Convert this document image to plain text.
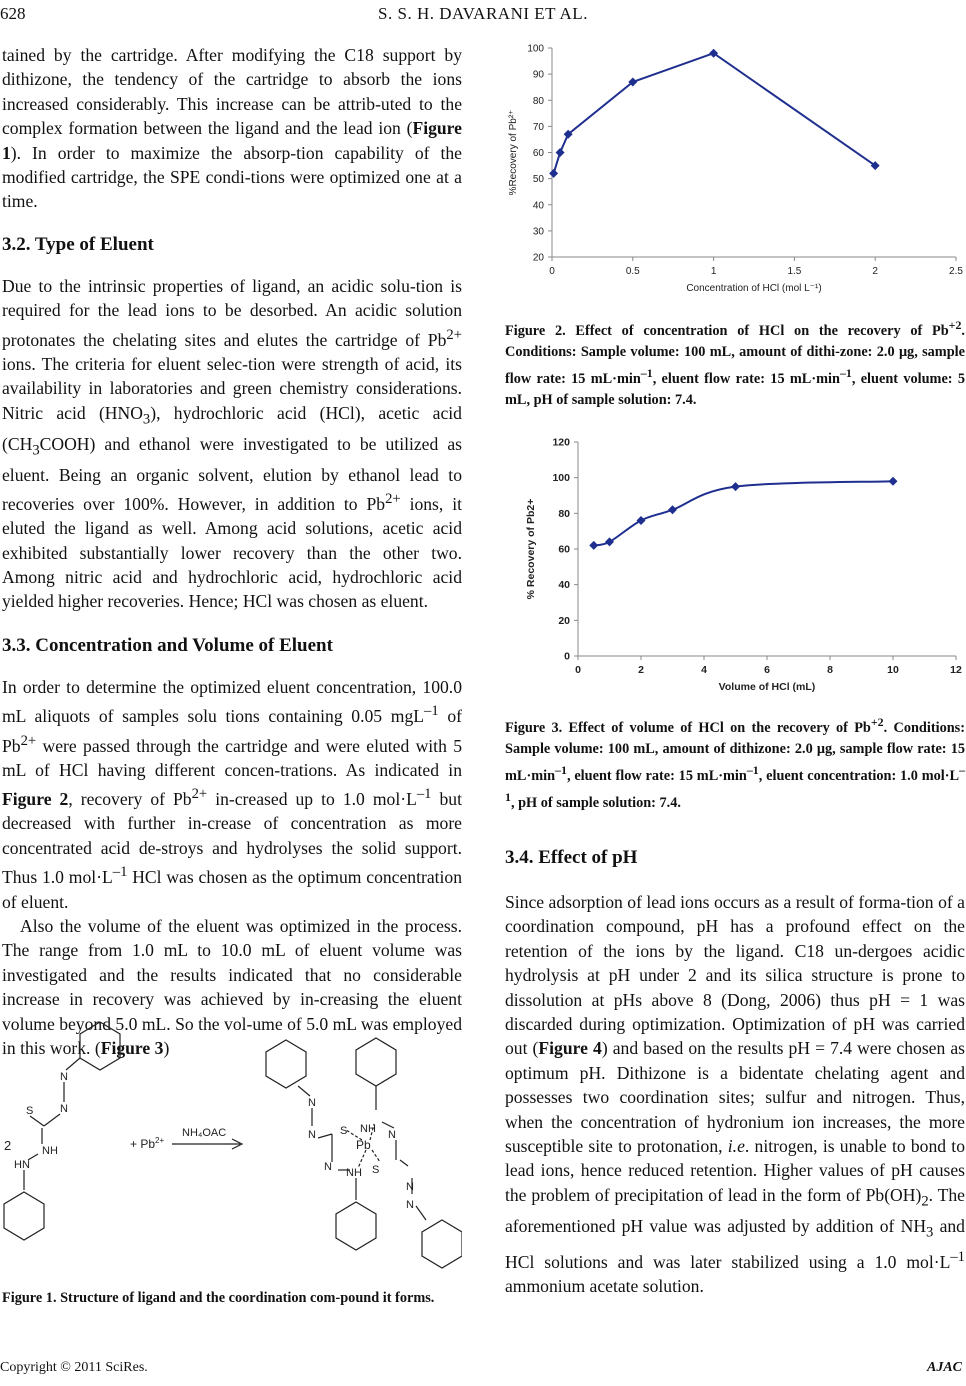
628	S. S. H. DAVARANI ET AL.

tained by the cartridge. After modifying the C18 support by dithizone, the tendency of the cartridge to absorb the ions increased considerably. This increase can be attrib-uted to the complex formation between the ligand and the lead ion (Figure 1). In order to maximize the absorp-tion capability of the modified cartridge, the SPE condi-tions were optimized one at a time.

3.2. Type of Eluent

Due to the intrinsic properties of ligand, an acidic solu-tion is required for the lead ions to be desorbed. An acidic solution protonates the chelating sites and elutes the cartridge of $Pb^{2+}$ ions. The criteria for eluent selec-tion were strength of acid, its availability in laboratories and green chemistry considerations. Nitric acid $(HNO_3)$, hydrochloric acid (HCl), acetic acid $(CH_3COOH)$ and ethanol were investigated to be utilized as eluent. Being an organic solvent, elution by ethanol lead to recoveries over 100%. However, in addition to $Pb^{2+}$ ions, it eluted the ligand as well. Among acid solutions, acetic acid exhibited substantially lower recovery than the other two. Among nitric acid and hydrochloric acid, hydrochloric acid yielded higher recoveries. Hence; HCl was chosen as eluent.

3.3. Concentration and Volume of Eluent

In order to determine the optimized eluent concentration, 100.0 mL aliquots of samples solu tions containing 0.05 mgL$^{-1}$ of $Pb^{2+}$ were passed through the cartridge and were eluted with 5 mL of HCl having different concen-trations. As indicated in Figure 2, recovery of $Pb^{2+}$ in-creased up to 1.0 $mol\cdot L^{-1}$ but decreased with further in-crease of concentration as more concentrated acid de-stroys and hydrolyses the solid support. Thus 1.0 $mol\cdot L^{-1}$ HCl was chosen as the optimum concentration of eluent.

Also the volume of the eluent was optimized in the process. The range from 1.0 mL to 10.0 mL of eluent volume was investigated and the results indicated that no considerable increase in recovery was achieved by in-creasing the eluent volume beyond 5.0 mL. So the vol-ume of 5.0 mL was employed in this work. (Figure 3)

N
N
S
NH
HN
2	+ $Pb^{2+}$
NH₄OAC
N
N S NH N
Pb
N NH S
N
N
Figure 1. Structure of ligand and the coordination com-pound it forms.
20
30
40
50
60
70
80
90
100
0	0.5	1	1.5	2	2.5
Concentration of HCl (mol L⁻¹)
%Recovery of Pb²⁺
Figure 2. Effect of concentration of HCl on the recovery of $Pb^{+2}$. Conditions: Sample volume: 100 mL, amount of dithi-zone: 2.0 μg, sample flow rate: 15 $mL\cdot\min^{-1}$, eluent flow rate: 15 $mL\cdot\min^{-1}$, eluent volume: 5 mL, pH of sample solution: 7.4.
0
20
40
60
80
100
120
0	2	4	6	8	10	12
Volume of HCl (mL)
% Recovery of Pb2+
Figure 3. Effect of volume of HCl on the recovery of $Pb^{+2}$. Conditions: Sample volume: 100 mL, amount of dithizone: 2.0 μg, sample flow rate: 15 $mL\cdot\min^{-1}$, eluent flow rate: 15 $mL\cdot\min^{-1}$, eluent concentration: 1.0 $mol\cdot L^{-1}$, pH of sample solution: 7.4.
3.4. Effect of pH

Since adsorption of lead ions occurs as a result of forma-tion of a coordination compound, pH has a profound effect on the retention of the ions by the ligand. C18 un-dergoes acidic hydrolysis at pH under 2 and its silica structure is prone to dissolution at pHs above 8 (Dong, 2006) thus pH = 1 was discarded during optimization. Optimization of pH was carried out (Figure 4) and based on the results pH = 7.4 were chosen as optimum pH. Dithizone is a bidentate chelating agent and possesses two coordination sites; sulfur and nitrogen. Thus, when the concentration of hydronium ion increases, the more susceptible site to protonation, i.e. nitrogen, is unable to bond to lead ions, hence reduced retention. Higher values of pH causes the problem of precipitation of lead in the form of $Pb(OH)_2$. The aforementioned pH value was adjusted by addition of $NH_3$ and HCl solutions and was later stabilized using a 1.0 $mol\cdot L^{-1}$ ammonium acetate solution.

Copyright © 2011 SciRes.	AJAC
